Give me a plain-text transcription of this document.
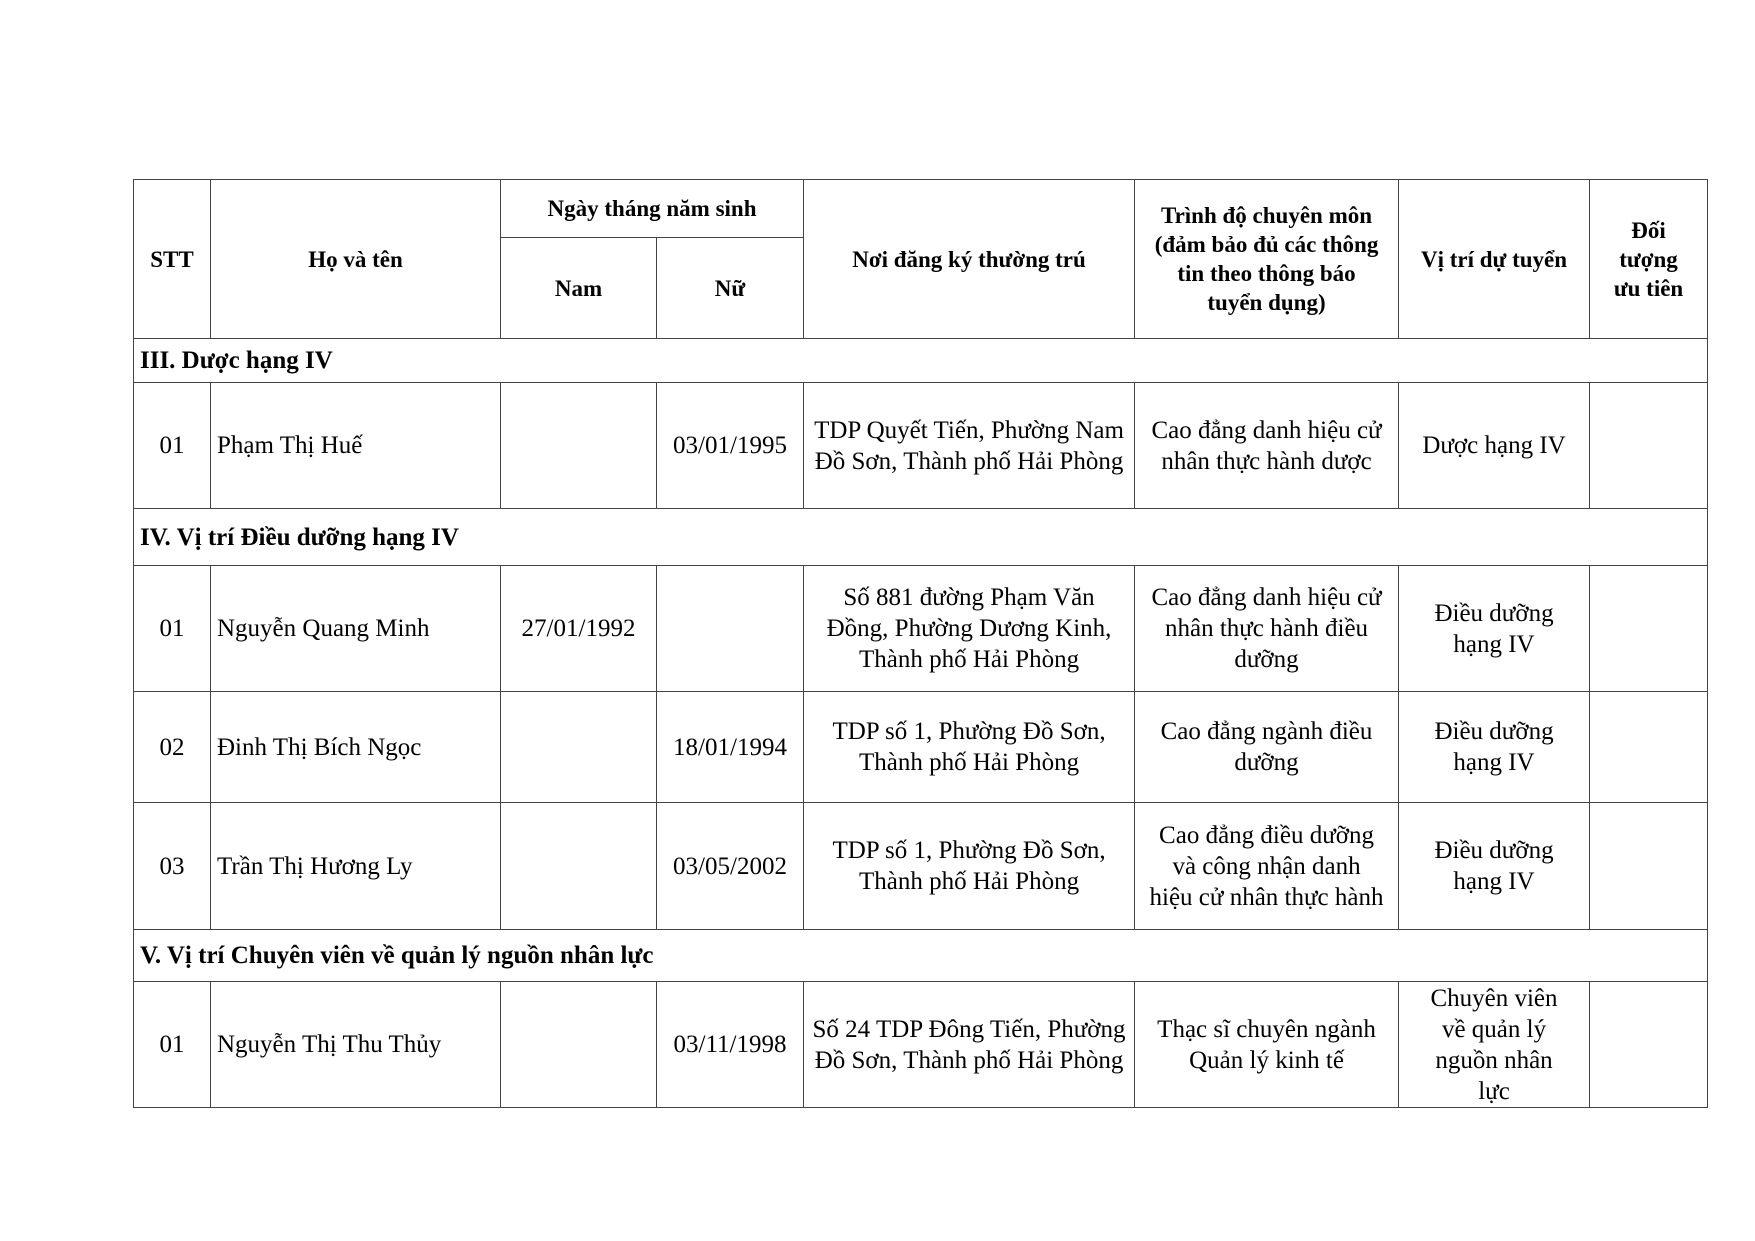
STT	Họ và tên	Ngày tháng năm sinh		Nơi đăng ký thường trú	Trình độ chuyên môn (đảm bảo đủ các thông tin theo thông báo tuyển dụng)	Vị trí dự tuyển	Đối tượng ưu tiên
		Nam	Nữ				
III. Dược hạng IV							
01	Phạm Thị Huế		03/01/1995	TDP Quyết Tiến, Phường Nam Đồ Sơn, Thành phố Hải Phòng	Cao đẳng danh hiệu cử nhân thực hành dược	Dược hạng IV	
IV. Vị trí Điều dưỡng hạng IV							
01	Nguyễn Quang Minh	27/01/1992		Số 881 đường Phạm Văn Đồng, Phường Dương Kinh, Thành phố Hải Phòng	Cao đẳng danh hiệu cử nhân thực hành điều dưỡng	Điều dưỡng hạng IV	
02	Đinh Thị Bích Ngọc		18/01/1994	TDP số 1, Phường Đồ Sơn, Thành phố Hải Phòng	Cao đẳng ngành điều dưỡng	Điều dưỡng hạng IV	
03	Trần Thị Hương Ly		03/05/2002	TDP số 1, Phường Đồ Sơn, Thành phố Hải Phòng	Cao đẳng điều dưỡng và công nhận danh hiệu cử nhân thực hành	Điều dưỡng hạng IV	
V. Vị trí Chuyên viên về quản lý nguồn nhân lực							
01	Nguyễn Thị Thu Thủy		03/11/1998	Số 24 TDP Đông Tiến, Phường Đồ Sơn, Thành phố Hải Phòng	Thạc sĩ chuyên ngành Quản lý kinh tế	Chuyên viên về quản lý nguồn nhân lực	
